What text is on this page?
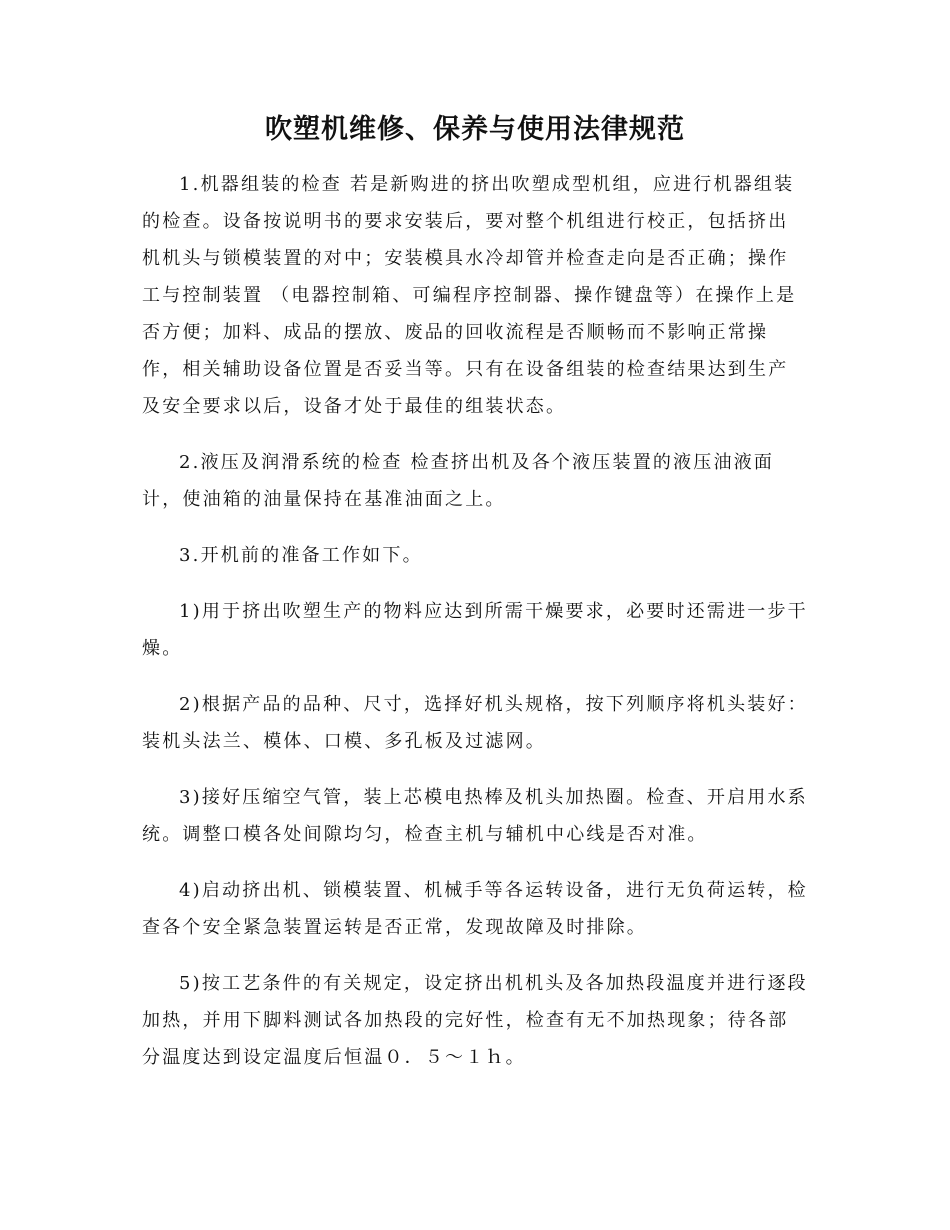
吹塑机维修、保养与使用法律规范

1.机器组装的检查 若是新购进的挤出吹塑成型机组，应进行机器组装的检查。设备按说明书的要求安装后，要对整个机组进行校正，包括挤出机机头与锁模装置的对中；安装模具水冷却管并检查走向是否正确；操作工与控制装置 （电器控制箱、可编程序控制器、操作键盘等）在操作上是否方便；加料、成品的摆放、废品的回收流程是否顺畅而不影响正常操作，相关辅助设备位置是否妥当等。只有在设备组装的检查结果达到生产及安全要求以后，设备才处于最佳的组装状态。

2.液压及润滑系统的检查 检查挤出机及各个液压装置的液压油液面计，使油箱的油量保持在基准油面之上。

3.开机前的准备工作如下。

1)用于挤出吹塑生产的物料应达到所需干燥要求，必要时还需进一步干燥。

2)根据产品的品种、尺寸，选择好机头规格，按下列顺序将机头装好：装机头法兰、模体、口模、多孔板及过滤网。

3)接好压缩空气管，装上芯模电热棒及机头加热圈。检查、开启用水系统。调整口模各处间隙均匀，检查主机与辅机中心线是否对准。

4)启动挤出机、锁模装置、机械手等各运转设备，进行无负荷运转，检查各个安全紧急装置运转是否正常，发现故障及时排除。

5)按工艺条件的有关规定，设定挤出机机头及各加热段温度并进行逐段加热，并用下脚料测试各加热段的完好性，检查有无不加热现象；待各部分温度达到设定温度后恒温０．５～１ｈ。
